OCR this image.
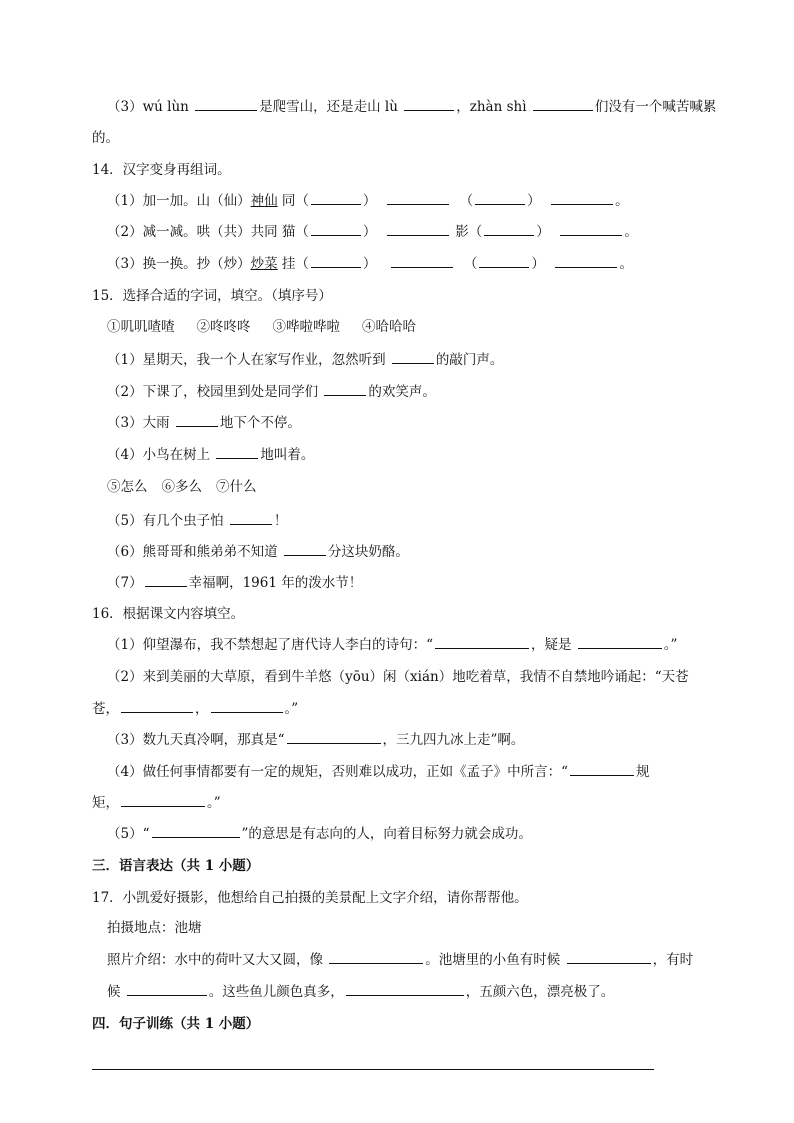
（3）wú lùn	是爬雪山，还是走山 lù	，zhàn shì	们没有一个喊苦喊累
的。
14．汉字变身再组词。
（1）加一加。山（仙）神仙 同（	）	（	）	。
（2）减一减。哄（共）共同 猫（	）	影（	）	。
（3）换一换。抄（炒）炒菜 挂（	）	（	）	。
15．选择合适的字词，填空。（填序号）
①叽叽喳喳 ②咚咚咚 ③哗啦哗啦 ④哈哈哈
（1）星期天，我一个人在家写作业，忽然听到	的敲门声。
（2）下课了，校园里到处是同学们	的欢笑声。
（3）大雨	地下个不停。
（4）小鸟在树上	地叫着。
⑤怎么 ⑥多么 ⑦什么
（5）有几个虫子怕	！
（6）熊哥哥和熊弟弟不知道	分这块奶酪。
（7）	幸福啊，1961 年的泼水节！
16．根据课文内容填空。
（1）仰望瀑布，我不禁想起了唐代诗人李白的诗句：“	，疑是	。”
（2）来到美丽的大草原，看到牛羊悠（yōu）闲（xián）地吃着草，我情不自禁地吟诵起：“天苍
苍，	，	。”
（3）数九天真冷啊，那真是“	，三九四九冰上走”啊。
（4）做任何事情都要有一定的规矩，否则难以成功，正如《孟子》中所言：“	规
矩，	。”
（5）“	”的意思是有志向的人，向着目标努力就会成功。
三．语言表达（共 1 小题）
17．小凯爱好摄影，他想给自己拍摄的美景配上文字介绍，请你帮帮他。
拍摄地点：池塘
照片介绍：水中的荷叶又大又圆，像	。池塘里的小鱼有时候	，有时
候	。这些鱼儿颜色真多，	，五颜六色，漂亮极了。
四．句子训练（共 1 小题）
